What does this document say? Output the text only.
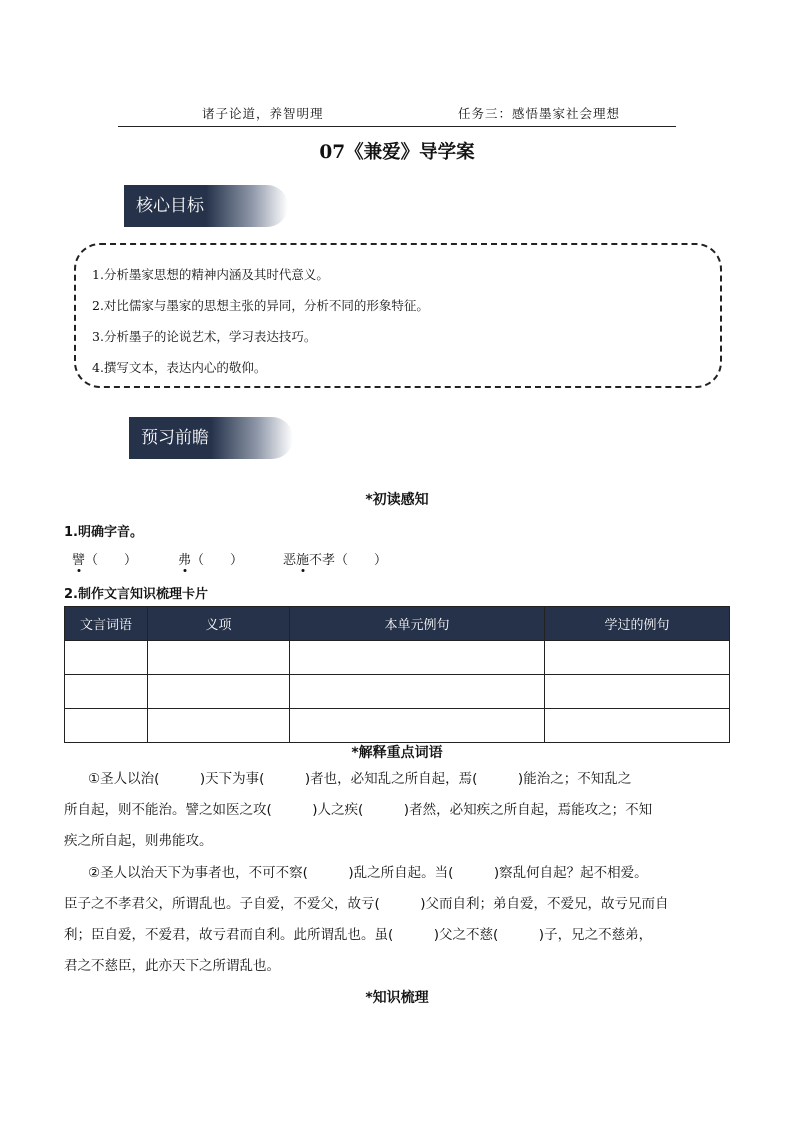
诸子论道，养智明理	任务三：感悟墨家社会理想
07《兼爱》导学案
核心目标
1.分析墨家思想的精神内涵及其时代意义。
2.对比儒家与墨家的思想主张的异同，分析不同的形象特征。
3.分析墨子的论说艺术，学习表达技巧。
4.撰写文本，表达内心的敬仰。
预习前瞻
*初读感知
1.明确字音。
譬（　　）	弗（　　）	恶施不孝（　　）
2.制作文言知识梳理卡片
文言词语	义项	本单元例句	学过的例句

*解释重点词语
①圣人以治(　　　)天下为事(　　　)者也，必知乱之所自起，焉(　　　)能治之；不知乱之
所自起，则不能治。譬之如医之攻(　　　)人之疾(　　　)者然，必知疾之所自起，焉能攻之；不知
疾之所自起，则弗能攻。
②圣人以治天下为事者也，不可不察(　　　)乱之所自起。当(　　　)察乱何自起？起不相爱。
臣子之不孝君父，所谓乱也。子自爱，不爱父，故亏(　　　)父而自利；弟自爱，不爱兄，故亏兄而自
利；臣自爱，不爱君，故亏君而自利。此所谓乱也。虽(　　　)父之不慈(　　　)子，兄之不慈弟，
君之不慈臣，此亦天下之所谓乱也。
*知识梳理
